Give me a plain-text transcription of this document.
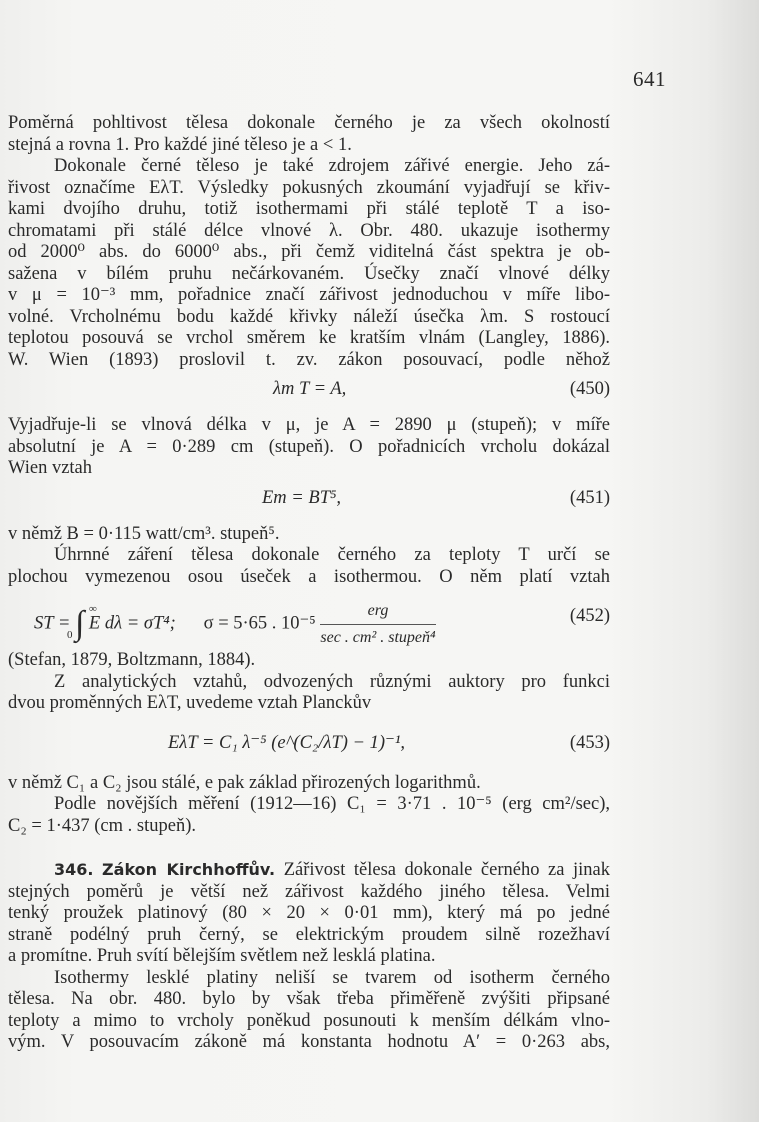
641
Poměrná pohltivost tělesa dokonale černého je za všech okolností
stejná a rovna 1. Pro každé jiné těleso je a < 1.
Dokonale černé těleso je také zdrojem zářivé energie. Jeho zá-
řivost označíme EλT. Výsledky pokusných zkoumání vyjadřují se křiv-
kami dvojího druhu, totiž isothermami při stálé teplotě T a iso-
chromatami při stálé délce vlnové λ. Obr. 480. ukazuje isothermy
od 2000⁰ abs. do 6000⁰ abs., při čemž viditelná část spektra je ob-
sažena v bílém pruhu nečárkovaném. Úsečky značí vlnové délky
v μ = 10⁻³ mm, pořadnice značí zářivost jednoduchou v míře libo-
volné. Vrcholnému bodu každé křivky náleží úsečka λm. S rostoucí
teplotou posouvá se vrchol směrem ke kratším vlnám (Langley, 1886).
W. Wien (1893) proslovil t. zv. zákon posouvací, podle něhož
λm T = A,	(450)
Vyjadřuje-li se vlnová délka v μ, je A = 2890 μ (stupeň); v míře
absolutní je A = 0·289 cm (stupeň). O pořadnicích vrcholu dokázal
Wien vztah
Em = BT⁵,	(451)
v němž B = 0·115 watt/cm³. stupeň⁵.
Úhrnné záření tělesa dokonale černého za teploty T určí se
plochou vymezenou osou úseček a isothermou. O něm platí vztah
ST = ∫ ∞
0
E dλ = σT⁴; σ = 5·65 . $10^{-5} \frac{\text{erg}}{\text{sec . cm² . stupeň⁴}}$	(452)
(Stefan, 1879, Boltzmann, 1884).
Z analytických vztahů, odvozených různými auktory pro funkci
dvou proměnných EλT, uvedeme vztah Planckův
EλT = C₁ λ⁻⁵ (e^(C₂/λT) − 1)⁻¹,	(453)
v němž C₁ a C₂ jsou stálé, e pak základ přirozených logarithmů.
Podle novějších měření (1912—16) C₁ = 3·71 . 10⁻⁵ (erg cm²/sec),
C₂ = 1·437 (cm . stupeň).
346. Zákon Kirchhoffův. Zářivost tělesa dokonale černého za jinak
stejných poměrů je větší než zářivost každého jiného tělesa. Velmi
tenký proužek platinový (80 × 20 × 0·01 mm), který má po jedné
straně podélný pruh černý, se elektrickým proudem silně rozežhaví
a promítne. Pruh svítí bělejším světlem než lesklá platina.
Isothermy lesklé platiny neliší se tvarem od isotherm černého
tělesa. Na obr. 480. bylo by však třeba přiměřeně zvýšiti připsané
teploty a mimo to vrcholy poněkud posunouti k menším délkám vlno-
vým. V posouvacím zákoně má konstanta hodnotu A′ = 0·263 abs,
